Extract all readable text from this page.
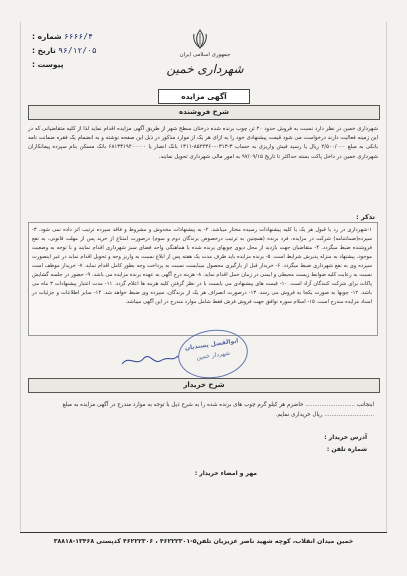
۶۶۶۶/۴ شماره :
۹۶/۱۲/۰۵ تاریخ :
پیوست :
جمهوری اسلامی ایران
شهرداری خمین
آگهی مزایده
شرح فروشنده

شهرداری خمین در نظر دارد نسبت به فروش حدود ۲۰ تن چوب برنده شده درختان سطح شهر از طریق آگهی مزایده اقدام نماید لذا از کلیه متقاضیانی که در این زمینه فعالیت دارند درخواست می شود قیمت پیشنهادی خود را به ازای هر یک از موارد مذکور در ذیل این صفحه نوشته و به انضمام یک فقره ضمانت نامه بانکی به مبلغ ۲/۵۰۰/۰۰۰ ریال یا رسید فیش واریزی به حساب ۳-۰۳۱۳-۸۵۲۴۳۶۰-۱۳۱۱ بانک انصار یا ۶۸۱۳۳۱۹۴۰۰۰۰۰ بانک مسکن بنام سپرده پیمانکاران شهرداری خمین در داخل پاکت بسته حداکثر تا تاریخ ۹۷/۰۹/۱۵ به امور مالی شهرداری تحویل نمایند.

تذکر :
۱-شهرداری در رد یا قبول هر یک یا کلیه پیشنهادات رسیده مختار میباشد. ۲- به پیشنهادات مخدوش و مشروط و فاقد سپرده ترتیب اثر داده نمی شود. ۳- سپرده(ضمانتنامه) شرکت در مزایده، فرد برنده (همچنین به ترتیب درخصوص برندگان دوم و سوم) درصورت امتناع از خرید پس از مهلت قانونی، به نفع فروشنده ضبط میگردد. ۴- متقاضیان جهت بازدید از محل دپوی چوبهای برنده شده با هماهنگی واحد فضای سبز شهرداری اقدام نمایند و با توجه به وضعیت موجود، پیشنهاد به منزله پذیرش شرایط است. ۵- برنده مزایده باید ظرف مدت یک هفته پس از ابلاغ نسبت به واریز وجه و تحویل اقدام نماید در غیر اینصورت سپرده وی به نفع شهرداری ضبط میگردد. ۶- خریدار قبل از بارگیری محصول میبایست نسبت به پرداخت وجه بطور کامل اقدام نماید. ۷- خریدار موظف است نسبت به رعایت کلیه ضوابط زیست محیطی و ایمنی در زمان حمل اقدام نماید. ۸- هزینه درج آگهی به عهده برنده مزایده می باشد. ۹- حضور در جلسه گشایش پاکات برای شرکت کنندگان آزاد است. ۱۰- قیمت های پیشنهادی می بایست با در نظر گرفتن کلیه هزینه ها اعلام گردد. ۱۱- مدت اعتبار پیشنهادات ۳ ماه می باشد. ۱۲- چوبها به صورت یکجا به فروش می رسد. ۱۳- درصورت انصراف هر یک از برندگان، سپرده وی ضبط خواهد شد. ۱۴- سایر اطلاعات و جزئیات در اسناد مزایده مندرج است. ۱۵- اسلام سوره توافق جهت فروش فرش فقط شامل موارد مندرج در این آگهی میباشد.
ابوالفضل پسندیان
شهردار خمین
شرح خریدار

اینجانب ............................ حاضرم هر کیلو گرم چوب های برنده شده را به شرح ذیل با توجه به موارد مندرج در آگهی مزایده به مبلغ

............................ ریال خریداری نمایم.

آدرس خریدار :
شماره تلفن :
مهر و امضاء خریدار :
خمین میدان انقلاب، کوچه شهید ناصر عزیزیان تلفن۵-۴۶۲۲۲۳۰۱ ، ۴۶۲۲۲۳۰۶ کدپستی ۱۳۴۶۸-۳۸۸۱۸
